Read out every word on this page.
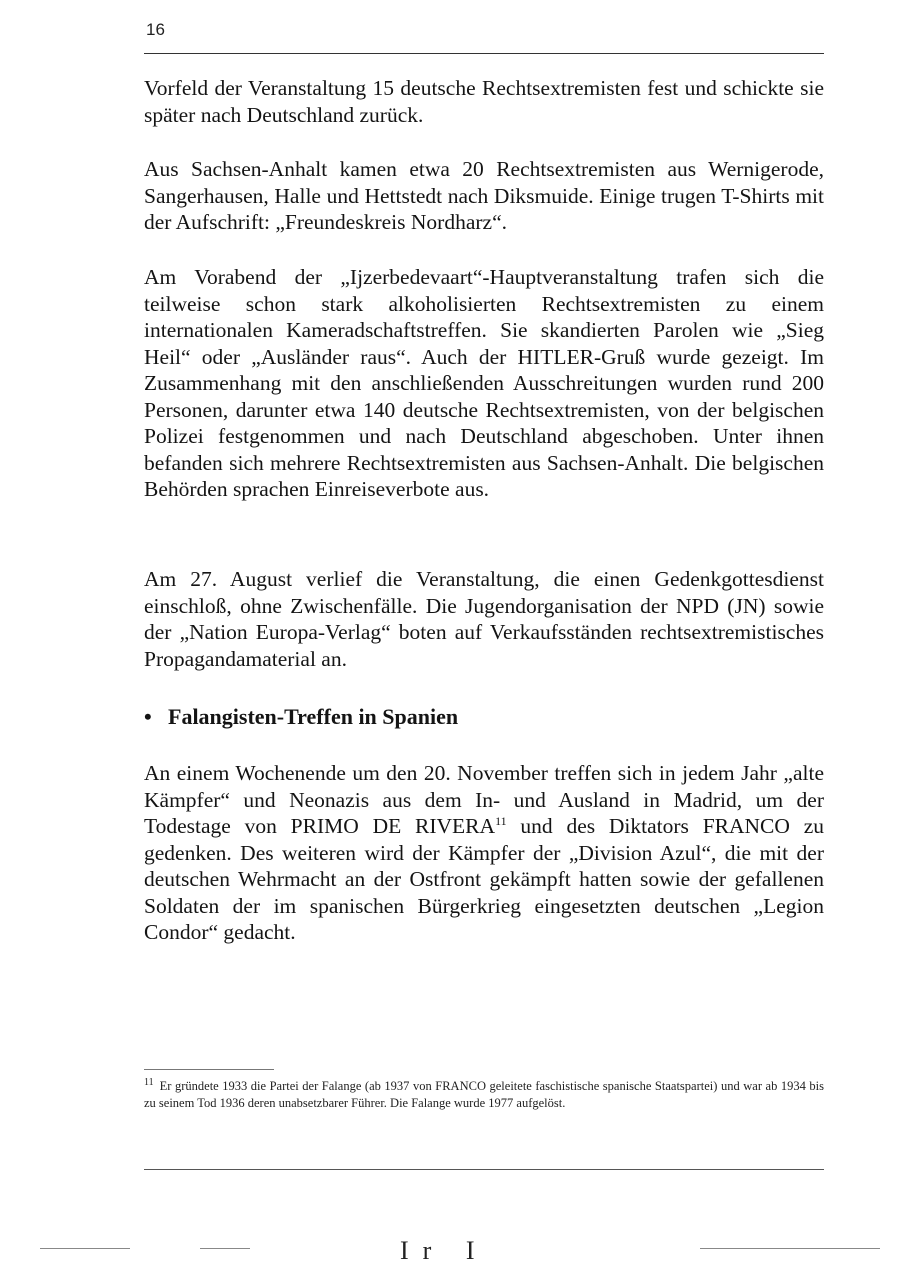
16

Vorfeld der Veranstaltung 15 deutsche Rechtsextremisten fest und schickte sie später nach Deutschland zurück.

Aus Sachsen-Anhalt kamen etwa 20 Rechtsextremisten aus Wernigerode, Sangerhausen, Halle und Hettstedt nach Diksmuide. Einige trugen T-Shirts mit der Aufschrift: „Freundeskreis Nordharz“.

Am Vorabend der „Ijzerbedevaart“-Hauptveranstaltung trafen sich die teilweise schon stark alkoholisierten Rechtsextremisten zu einem internationalen Kameradschaftstreffen. Sie skandierten Parolen wie „Sieg Heil“ oder „Ausländer raus“. Auch der HITLER-Gruß wurde gezeigt. Im Zusammenhang mit den anschließenden Ausschreitungen wurden rund 200 Personen, darunter etwa 140 deutsche Rechtsextremisten, von der belgischen Polizei festgenommen und nach Deutschland abgeschoben. Unter ihnen befanden sich mehrere Rechtsextremisten aus Sachsen-Anhalt. Die belgischen Behörden sprachen Einreiseverbote aus.

Am 27. August verlief die Veranstaltung, die einen Gedenkgottesdienst einschloß, ohne Zwischenfälle. Die Jugendorganisation der NPD (JN) sowie der „Nation Europa-Verlag“ boten auf Verkaufsständen rechtsextremistisches Propagandamaterial an.

• Falangisten-Treffen in Spanien

An einem Wochenende um den 20. November treffen sich in jedem Jahr „alte Kämpfer“ und Neonazis aus dem In- und Ausland in Madrid, um der Todestage von PRIMO DE RIVERA$^{11}$ und des Diktators FRANCO zu gedenken. Des weiteren wird der Kämpfer der „Division Azul“, die mit der deutschen Wehrmacht an der Ostfront gekämpft hatten sowie der gefallenen Soldaten der im spanischen Bürgerkrieg eingesetzten deutschen „Legion Condor“ gedacht.

$^{11}$ Er gründete 1933 die Partei der Falange (ab 1937 von FRANCO geleitete faschistische spanische Staatspartei) und war ab 1934 bis zu seinem Tod 1936 deren unabsetzbarer Führer. Die Falange wurde 1977 aufgelöst.

Ir I
